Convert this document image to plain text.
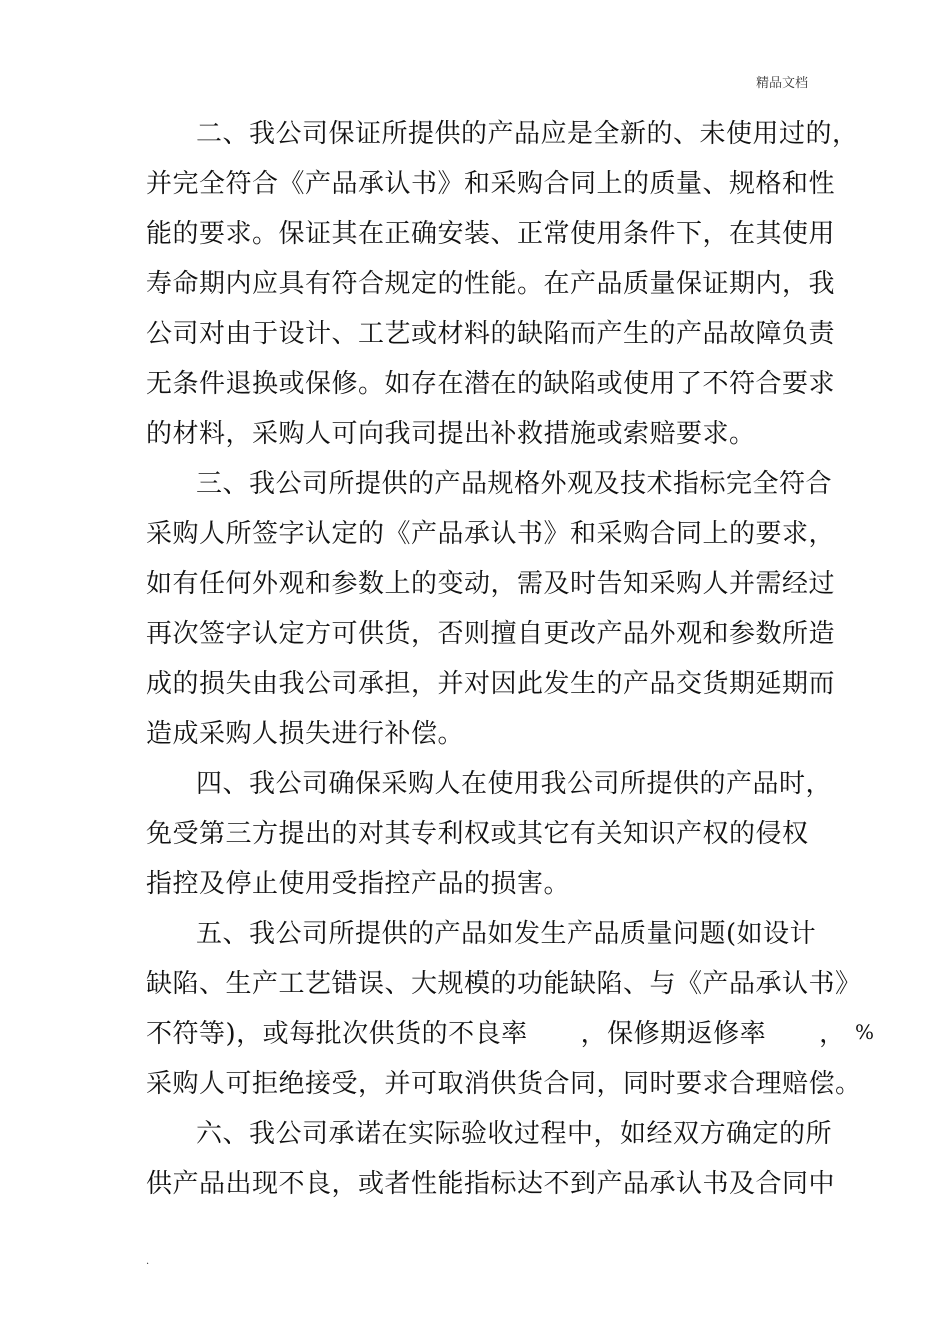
精品文档
二、我公司保证所提供的产品应是全新的、未使用过的，
并完全符合《产品承认书》和采购合同上的质量、规格和性
能的要求。保证其在正确安装、正常使用条件下，在其使用
寿命期内应具有符合规定的性能。在产品质量保证期内，我
公司对由于设计、工艺或材料的缺陷而产生的产品故障负责
无条件退换或保修。如存在潜在的缺陷或使用了不符合要求
的材料，采购人可向我司提出补救措施或索赔要求。
三、我公司所提供的产品规格外观及技术指标完全符合
采购人所签字认定的《产品承认书》和采购合同上的要求，
如有任何外观和参数上的变动，需及时告知采购人并需经过
再次签字认定方可供货，否则擅自更改产品外观和参数所造
成的损失由我公司承担，并对因此发生的产品交货期延期而
造成采购人损失进行补偿。
四、我公司确保采购人在使用我公司所提供的产品时，
免受第三方提出的对其专利权或其它有关知识产权的侵权
指控及停止使用受指控产品的损害。
五、我公司所提供的产品如发生产品质量问题(如设计
缺陷、生产工艺错误、大规模的功能缺陷、与《产品承认书》
不符等)，或每批次供货的不良率　　，保修期返修率　　， %
采购人可拒绝接受，并可取消供货合同，同时要求合理赔偿。
六、我公司承诺在实际验收过程中，如经双方确定的所
供产品出现不良，或者性能指标达不到产品承认书及合同中
.
